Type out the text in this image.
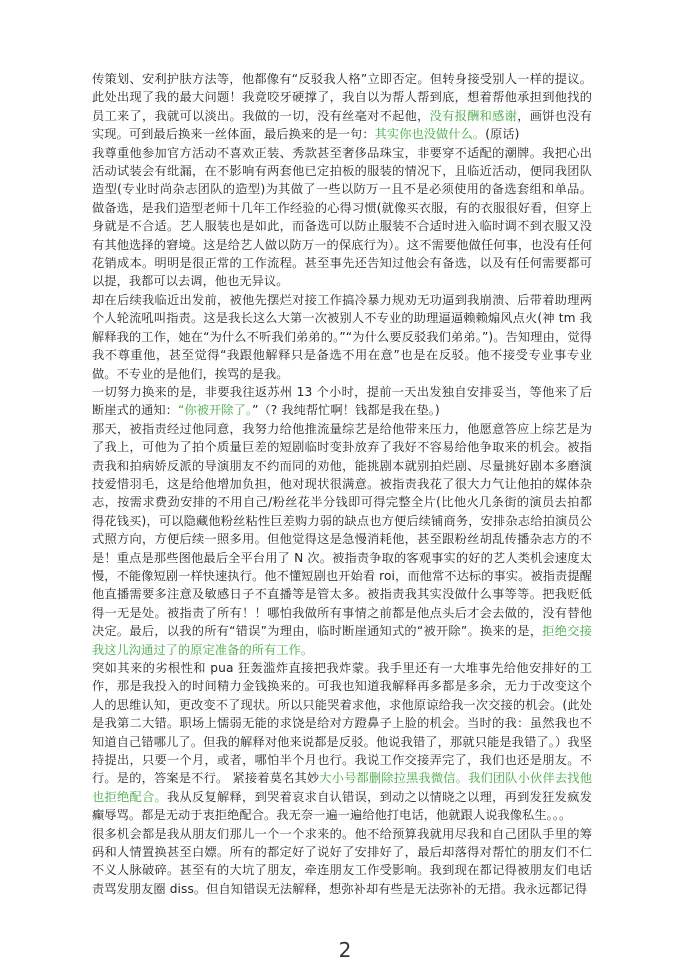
传策划、安利护肤方法等，他都像有“反驳我人格”立即否定。但转身接受别人一样的提议。此处出现了我的最大问题！我竟咬牙硬撑了，我自以为帮人帮到底，想着帮他承担到他找的员工来了，我就可以淡出。我做的一切，没有丝毫对不起他，没有报酬和感谢，画饼也没有实现。可到最后换来一丝体面，最后换来的是一句：其实你也没做什么。(原话)

我尊重他参加官方活动不喜欢正装、秀款甚至奢侈品珠宝，非要穿不适配的潮牌。我把心出活动试装会有纰漏，在不影响有两套他已定拍板的服装的情况下，且临近活动，便同我团队造型(专业时尚杂志团队的造型)为其做了一些以防万一且不是必须使用的备选套组和单品。做备选，是我们造型老师十几年工作经验的心得习惯(就像买衣服，有的衣服很好看，但穿上身就是不合适。艺人服装也是如此，而备选可以防止服装不合适时进入临时调不到衣服又没有其他选择的窘境。这是给艺人做以防万一的保底行为）。这不需要他做任何事，也没有任何花销成本。明明是很正常的工作流程。甚至事先还告知过他会有备选，以及有任何需要都可以提，我都可以去调，他也无异议。

却在后续我临近出发前，被他先摆烂对接工作搞冷暴力规劝无功逼到我崩溃、后带着助理两个人轮流吼叫指责。这是我长这么大第一次被别人不专业的助理逼逼赖赖煽风点火(神 tm 我解释我的工作，她在“为什么不听我们弟弟的。”“为什么要反驳我们弟弟。”)。告知理由，觉得我不尊重他，甚至觉得“我跟他解释只是备选不用在意”也是在反驳。他不接受专业事专业做。不专业的是他们，挨骂的是我。

一切努力换来的是，非要我往返苏州 13 个小时，提前一天出发独自安排妥当，等他来了后断崖式的通知：“你被开除了。”（? 我纯帮忙啊！钱都是我在垫。)

那天，被指责经过他同意，我努力给他推流量综艺是给他带来压力，他愿意答应上综艺是为了我上，可他为了拍个质量巨差的短剧临时变卦放弃了我好不容易给他争取来的机会。被指责我和拍病娇反派的导演朋友不约而同的劝他，能挑剧本就别拍烂剧、尽量挑好剧本多磨演技爱惜羽毛，这是给他增加负担，他对现状很满意。被指责我花了很大力气让他拍的媒体杂志，按需求费劲安排的不用自己/粉丝花半分钱即可得完整全片(比他火几条街的演员去拍都得花钱买)，可以隐藏他粉丝粘性巨差购力弱的缺点也方便后续铺商务，安排杂志给拍演员公式照方向，方便后续一照多用。但他觉得这是急慢消耗他，甚至跟粉丝胡乱传播杂志方的不是！重点是那些图他最后全平台用了 N 次。被指责争取的客观事实的好的艺人类机会速度太慢，不能像短剧一样快速执行。他不懂短剧也开始看 roi，而他常不达标的事实。被指责提醒他直播需要多注意及敏感日子不直播等是管太多。被指责我其实没做什么事等等。把我贬低得一无是处。被指责了所有！！哪怕我做所有事情之前都是他点头后才会去做的，没有替他决定。最后，以我的所有“错误”为理由，临时断崖通知式的“被开除”。换来的是，拒绝交接我这儿沟通过了的原定准备的所有工作。

突如其来的劣根性和 pua 狂轰滥炸直接把我炸蒙。我手里还有一大堆事先给他安排好的工作，那是我投入的时间精力金钱换来的。可我也知道我解释再多都是多余，无力于改变这个人的思维认知，更改变不了现状。所以只能哭着求他，求他原谅给我一次交接的机会。(此处是我第二大错。职场上懦弱无能的求饶是给对方蹬鼻子上脸的机会。当时的我：虽然我也不知道自己错哪儿了。但我的解释对他来说都是反驳。他说我错了，那就只能是我错了。）我坚持提出，只要一个月，或者，哪怕半个月也行。我说工作交接弄完了，我们也还是朋友。不行。是的，答案是不行。 紧接着莫名其妙大小号都删除拉黑我微信。我们团队小伙伴去找他也拒绝配合。我从反复解释，到哭着哀求自认错误，到动之以情晓之以理，再到发狂发疯发癫辱骂。都是无动于衷拒绝配合。我无奈一遍一遍给他打电话，他就跟人说我像私生。。。

很多机会都是我从朋友们那儿一个一个求来的。他不给预算我就用尽我和自己团队手里的筹码和人情置换甚至白嫖。所有的都定好了说好了安排好了，最后却落得对帮忙的朋友们不仁不义人脉破碎。甚至有的大坑了朋友，牵连朋友工作受影响。我到现在都记得被朋友们电话责骂发朋友圈 diss。但自知错误无法解释，想弥补却有些是无法弥补的无措。我永远都记得

2
